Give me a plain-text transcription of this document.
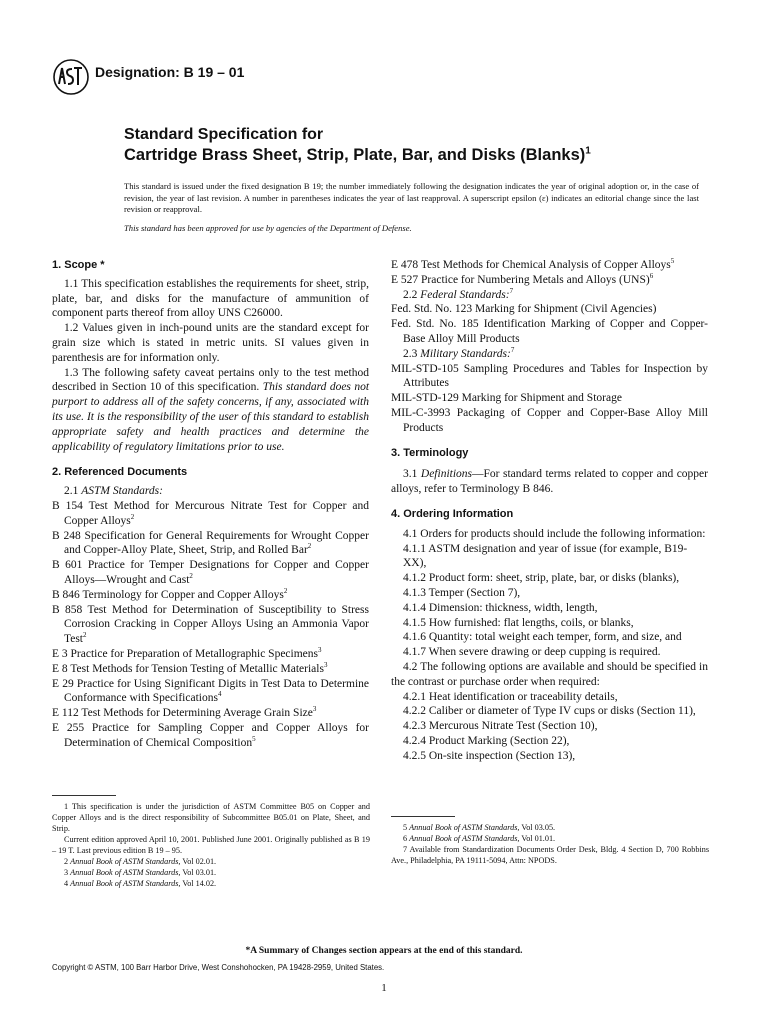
Designation: B 19 – 01
Standard Specification for
Cartridge Brass Sheet, Strip, Plate, Bar, and Disks (Blanks)$^1$
This standard is issued under the fixed designation B 19; the number immediately following the designation indicates the year of original adoption or, in the case of revision, the year of last revision. A number in parentheses indicates the year of last reapproval. A superscript epsilon (ε) indicates an editorial change since the last revision or reapproval.
This standard has been approved for use by agencies of the Department of Defense.

1. Scope *

1.1 This specification establishes the requirements for sheet, strip, plate, bar, and disks for the manufacture of ammunition of component parts thereof from alloy UNS C26000.

1.2 Values given in inch-pound units are the standard except for grain size which is stated in metric units. SI values given in parenthesis are for information only.

1.3 The following safety caveat pertains only to the test method described in Section 10 of this specification. This standard does not purport to address all of the safety concerns, if any, associated with its use. It is the responsibility of the user of this standard to establish appropriate safety and health practices and determine the applicability of regulatory limitations prior to use.

2. Referenced Documents

2.1 ASTM Standards:

B 154 Test Method for Mercurous Nitrate Test for Copper and Copper Alloys$^2$

B 248 Specification for General Requirements for Wrought Copper and Copper-Alloy Plate, Sheet, Strip, and Rolled Bar$^2$

B 601 Practice for Temper Designations for Copper and Copper Alloys—Wrought and Cast$^2$

B 846 Terminology for Copper and Copper Alloys$^2$

B 858 Test Method for Determination of Susceptibility to Stress Corrosion Cracking in Copper Alloys Using an Ammonia Vapor Test$^2$

E 3 Practice for Preparation of Metallographic Specimens$^3$

E 8 Test Methods for Tension Testing of Metallic Materials$^3$

E 29 Practice for Using Significant Digits in Test Data to Determine Conformance with Specifications$^4$

E 112 Test Methods for Determining Average Grain Size$^3$

E 255 Practice for Sampling Copper and Copper Alloys for Determination of Chemical Composition$^5$

E 478 Test Methods for Chemical Analysis of Copper Alloys$^5$

E 527 Practice for Numbering Metals and Alloys (UNS)$^6$

2.2 Federal Standards:$^7$

Fed. Std. No. 123 Marking for Shipment (Civil Agencies)

Fed. Std. No. 185 Identification Marking of Copper and Copper-Base Alloy Mill Products

2.3 Military Standards:$^7$

MIL-STD-105 Sampling Procedures and Tables for Inspection by Attributes

MIL-STD-129 Marking for Shipment and Storage

MIL-C-3993 Packaging of Copper and Copper-Base Alloy Mill Products

3. Terminology

3.1 Definitions—For standard terms related to copper and copper alloys, refer to Terminology B 846.

4. Ordering Information

4.1 Orders for products should include the following information:

4.1.1 ASTM designation and year of issue (for example, B19-XX),

4.1.2 Product form: sheet, strip, plate, bar, or disks (blanks),

4.1.3 Temper (Section 7),

4.1.4 Dimension: thickness, width, length,

4.1.5 How furnished: flat lengths, coils, or blanks,

4.1.6 Quantity: total weight each temper, form, and size, and

4.1.7 When severe drawing or deep cupping is required.

4.2 The following options are available and should be specified in the contrast or purchase order when required:

4.2.1 Heat identification or traceability details,

4.2.2 Caliber or diameter of Type IV cups or disks (Section 11),

4.2.3 Mercurous Nitrate Test (Section 10),

4.2.4 Product Marking (Section 22),

4.2.5 On-site inspection (Section 13),

1 This specification is under the jurisdiction of ASTM Committee B05 on Copper and Copper Alloys and is the direct responsibility of Subcommittee B05.01 on Plate, Sheet, and Strip.

Current edition approved April 10, 2001. Published June 2001. Originally published as B 19 – 19 T. Last previous edition B 19 – 95.

2 Annual Book of ASTM Standards, Vol 02.01.

3 Annual Book of ASTM Standards, Vol 03.01.

4 Annual Book of ASTM Standards, Vol 14.02.

5 Annual Book of ASTM Standards, Vol 03.05.

6 Annual Book of ASTM Standards, Vol 01.01.

7 Available from Standardization Documents Order Desk, Bldg. 4 Section D, 700 Robbins Ave., Philadelphia, PA 19111-5094, Attn: NPODS.

*A Summary of Changes section appears at the end of this standard.
Copyright © ASTM, 100 Barr Harbor Drive, West Conshohocken, PA 19428-2959, United States.
1
